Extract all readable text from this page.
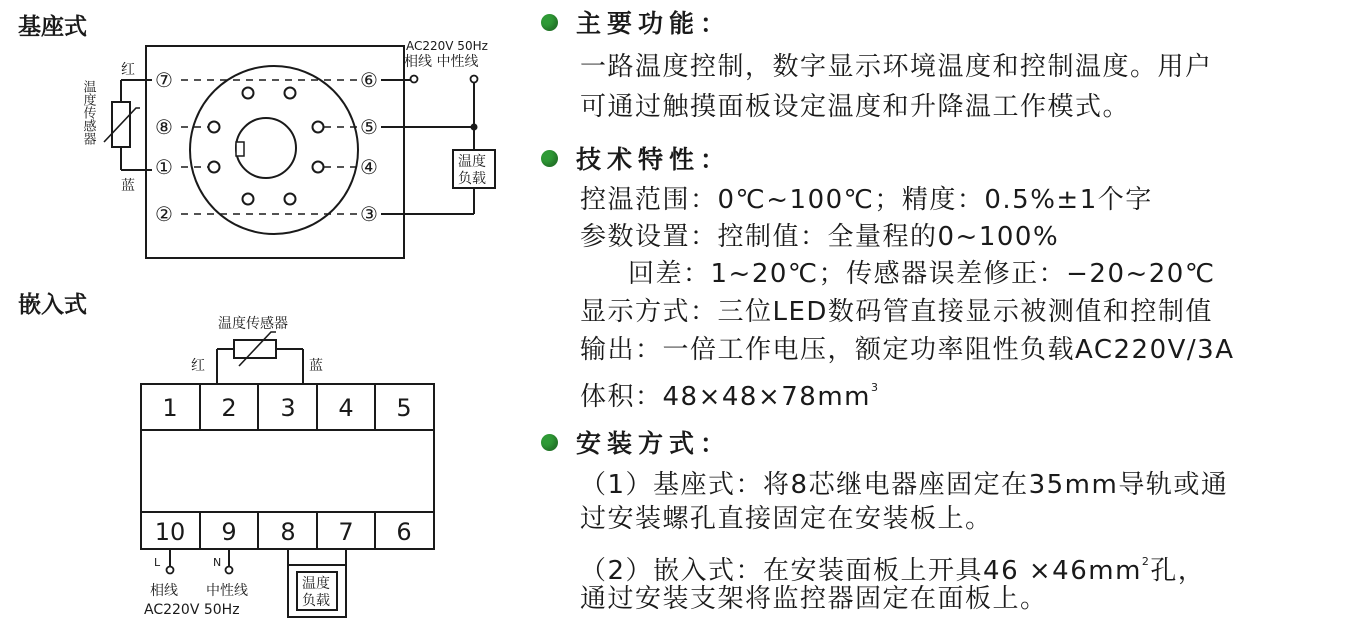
基座式
⑦
⑧
①
②
⑥
⑤
④
③
红
蓝
温度传感器
AC220V 50Hz
相线 中性线
温度
负载
嵌入式
温度传感器
红	蓝
1 2 3 4 5
10 9 8 7 6
L	N
相线 中性线
AC220V 50Hz
温度
负载
主要功能：
一路温度控制，数字显示环境温度和控制温度。用户
可通过触摸面板设定温度和升降温工作模式。
技术特性：
控温范围：0℃~100℃；精度：0.5%±1个字
参数设置：控制值：全量程的0~100%
回差：1~20℃；传感器误差修正：−20~20℃
显示方式：三位LED数码管直接显示被测值和控制值
输出：一倍工作电压，额定功率阻性负载AC220V/3A
体积：$48\times 48\times 78mm^3$
安装方式：
（1）基座式：将8芯继电器座固定在35mm导轨或通
过安装螺孔直接固定在安装板上。
（2）嵌入式：在安装面板上开具$46 \times 46mm^2$孔，
通过安装支架将监控器固定在面板上。
